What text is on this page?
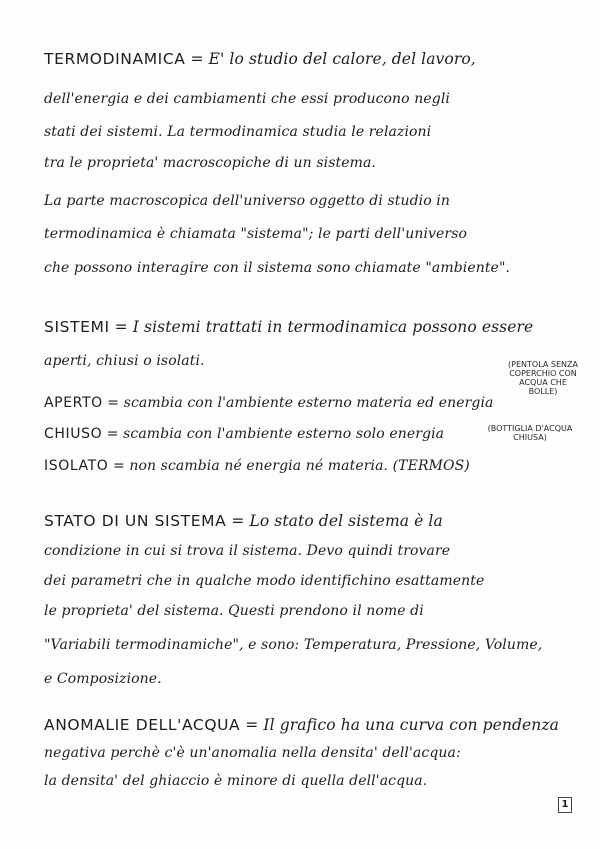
TERMODINAMICA = E' lo studio del calore, del lavoro,
dell'energia e dei cambiamenti che essi producono negli
stati dei sistemi. La termodinamica studia le relazioni
tra le proprieta' macroscopiche di un sistema.
La parte macroscopica dell'universo oggetto di studio in
termodinamica è chiamata "sistema"; le parti dell'universo
che possono interagire con il sistema sono chiamate "ambiente".
SISTEMI = I sistemi trattati in termodinamica possono essere
aperti, chiusi o isolati.
APERTO = scambia con l'ambiente esterno materia ed energia
CHIUSO = scambia con l'ambiente esterno solo energia
ISOLATO = non scambia né energia né materia. (TERMOS)
(PENTOLA SENZA COPERCHIO CON ACQUA CHE BOLLE)
(BOTTIGLIA D'ACQUA CHIUSA)
STATO DI UN SISTEMA = Lo stato del sistema è la
condizione in cui si trova il sistema. Devo quindi trovare
dei parametri che in qualche modo identifichino esattamente
le proprieta' del sistema. Questi prendono il nome di
"Variabili termodinamiche", e sono: Temperatura, Pressione, Volume,
e Composizione.
ANOMALIE DELL'ACQUA = Il grafico ha una curva con pendenza
negativa perchè c'è un'anomalia nella densita' dell'acqua:
la densita' del ghiaccio è minore di quella dell'acqua.
1
